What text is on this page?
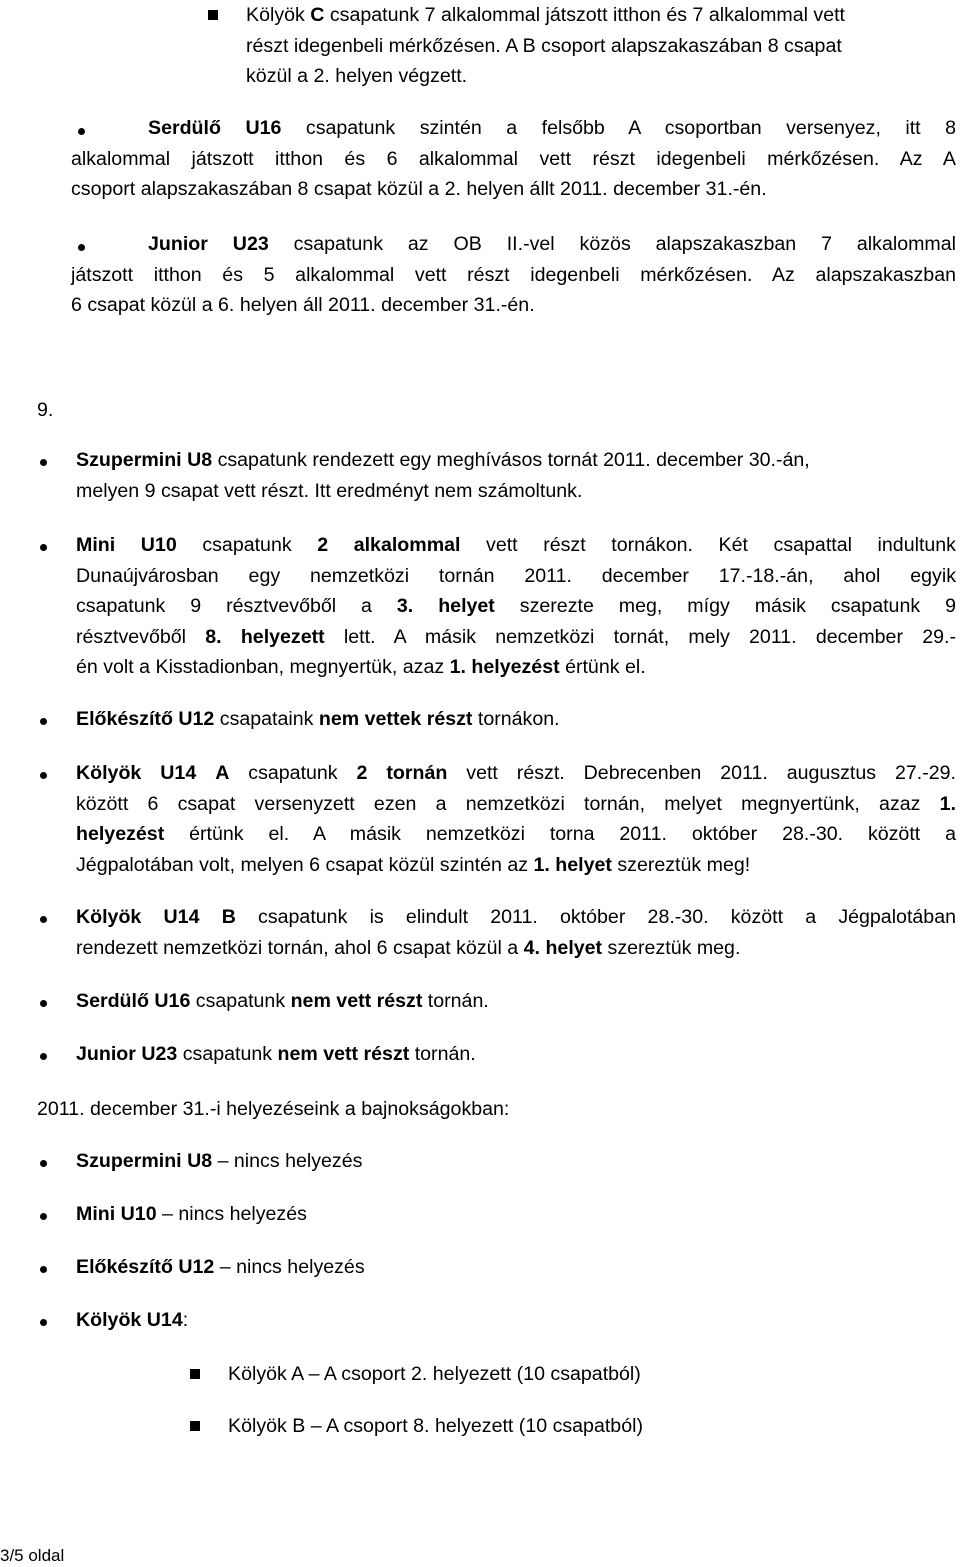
Kölyök C csapatunk 7 alkalommal játszott itthon és 7 alkalommal vett
részt idegenbeli mérkőzésen. A B csoport alapszakaszában 8 csapat
közül a 2. helyen végzett.
Serdülő U16 csapatunk szintén a felsőbb A csoportban versenyez, itt 8
alkalommal játszott itthon és 6 alkalommal vett részt idegenbeli mérkőzésen. Az A
csoport alapszakaszában 8 csapat közül a 2. helyen állt 2011. december 31.-én.
Junior U23 csapatunk az OB II.-vel közös alapszakaszban 7 alkalommal
játszott itthon és 5 alkalommal vett részt idegenbeli mérkőzésen. Az alapszakaszban
6 csapat közül a 6. helyen áll 2011. december 31.-én.
9.
Szupermini U8 csapatunk rendezett egy meghívásos tornát 2011. december 30.-án,
melyen 9 csapat vett részt. Itt eredményt nem számoltunk.
Mini U10 csapatunk 2 alkalommal vett részt tornákon. Két csapattal indultunk
Dunaújvárosban egy nemzetközi tornán 2011. december 17.-18.-án, ahol egyik
csapatunk 9 résztvevőből a 3. helyet szerezte meg, mígy másik csapatunk 9
résztvevőből 8. helyezett lett. A másik nemzetközi tornát, mely 2011. december 29.-
én volt a Kisstadionban, megnyertük, azaz 1. helyezést értünk el.
Előkészítő U12 csapataink nem vettek részt tornákon.
Kölyök U14 A csapatunk 2 tornán vett részt. Debrecenben 2011. augusztus 27.-29.
között 6 csapat versenyzett ezen a nemzetközi tornán, melyet megnyertünk, azaz 1.
helyezést értünk el. A másik nemzetközi torna 2011. október 28.-30. között a
Jégpalotában volt, melyen 6 csapat közül szintén az 1. helyet szereztük meg!
Kölyök U14 B csapatunk is elindult 2011. október 28.-30. között a Jégpalotában
rendezett nemzetközi tornán, ahol 6 csapat közül a 4. helyet szereztük meg.
Serdülő U16 csapatunk nem vett részt tornán.
Junior U23 csapatunk nem vett részt tornán.
2011. december 31.-i helyezéseink a bajnokságokban:
Szupermini U8 – nincs helyezés
Mini U10 – nincs helyezés
Előkészítő U12 – nincs helyezés
Kölyök U14:
Kölyök A – A csoport 2. helyezett (10 csapatból)
Kölyök B – A csoport 8. helyezett (10 csapatból)
3/5 oldal
